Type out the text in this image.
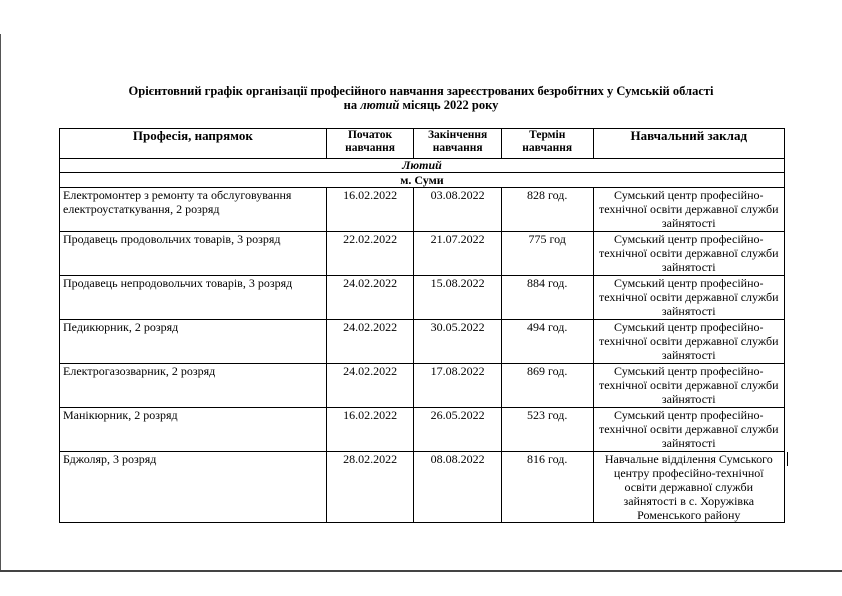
Орієнтовний графік організації професійного навчання зареєстрованих безробітних у Сумській області
на лютий місяць 2022 року
Професія, напрямок	Початок навчання	Закінчення навчання	Термін навчання	Навчальний заклад
Лютий				
м. Суми				
Електромонтер з ремонту та обслуговування електроустаткування, 2 розряд	16.02.2022	03.08.2022	828 год.	Сумський центр професійно-технічної освіти державної служби зайнятості
Продавець продовольчих товарів, 3 розряд	22.02.2022	21.07.2022	775 год	Сумський центр професійно-технічної освіти державної служби зайнятості
Продавець непродовольчих товарів, 3 розряд	24.02.2022	15.08.2022	884 год.	Сумський центр професійно-технічної освіти державної служби зайнятості
Педикюрник, 2 розряд	24.02.2022	30.05.2022	494 год.	Сумський центр професійно-технічної освіти державної служби зайнятості
Електрогазозварник, 2 розряд	24.02.2022	17.08.2022	869 год.	Сумський центр професійно-технічної освіти державної служби зайнятості
Манікюрник, 2 розряд	16.02.2022	26.05.2022	523 год.	Сумський центр професійно-технічної освіти державної служби зайнятості
Бджоляр, 3 розряд	28.02.2022	08.08.2022	816 год.	Навчальне відділення Сумського центру професійно-технічної освіти державної служби зайнятості в с. Хоружівка Роменського району
